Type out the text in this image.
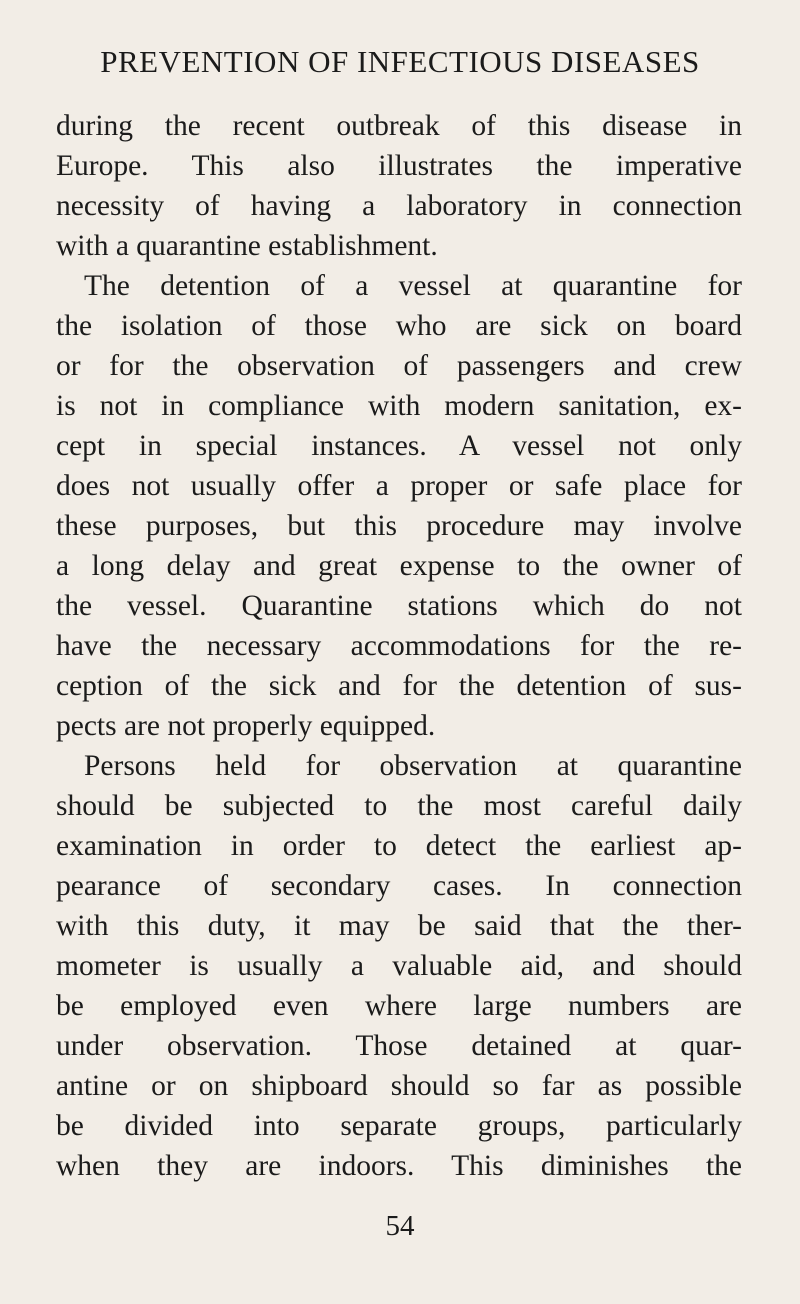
PREVENTION OF INFECTIOUS DISEASES
during the recent outbreak of this disease in
Europe. This also illustrates the imperative
necessity of having a laboratory in connection
with a quarantine establishment.
The detention of a vessel at quarantine for
the isolation of those who are sick on board
or for the observation of passengers and crew
is not in compliance with modern sanitation, ex-
cept in special instances. A vessel not only
does not usually offer a proper or safe place for
these purposes, but this procedure may involve
a long delay and great expense to the owner of
the vessel. Quarantine stations which do not
have the necessary accommodations for the re-
ception of the sick and for the detention of sus-
pects are not properly equipped.
Persons held for observation at quarantine
should be subjected to the most careful daily
examination in order to detect the earliest ap-
pearance of secondary cases. In connection
with this duty, it may be said that the ther-
mometer is usually a valuable aid, and should
be employed even where large numbers are
under observation. Those detained at quar-
antine or on shipboard should so far as possible
be divided into separate groups, particularly
when they are indoors. This diminishes the
54
